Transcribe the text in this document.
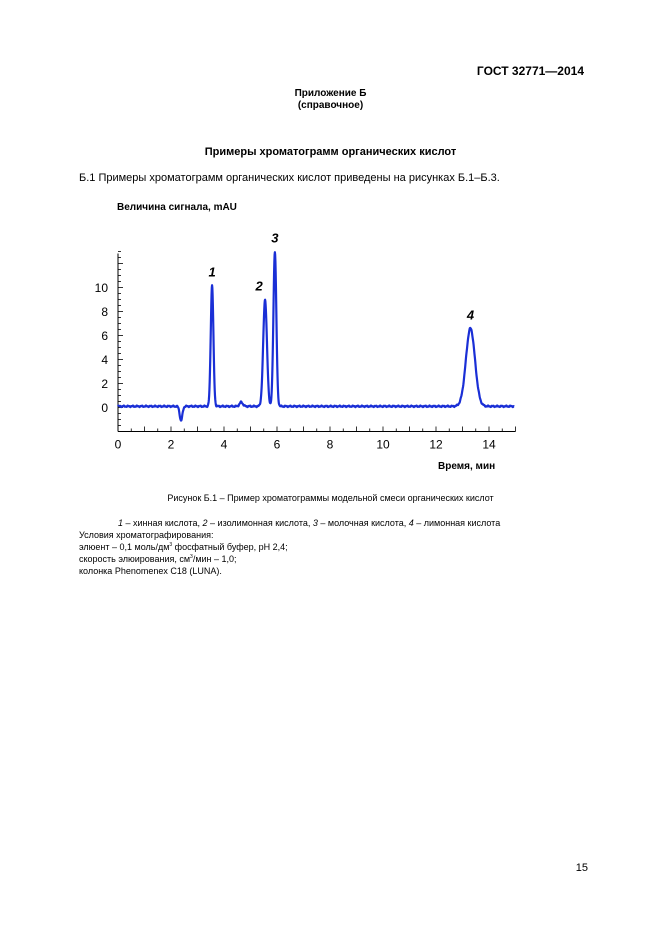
ГОСТ 32771—2014
Приложение Б
(справочное)
Примеры хроматограмм органических кислот
Б.1 Примеры хроматограмм органических кислот приведены на рисунках Б.1–Б.3.
Величина сигнала, mAU
Время, мин
0
2
4
6
8
10
0	2	4	6	8	10	12	14
1
2
3
4
Рисунок Б.1 – Пример хроматограммы модельной смеси органических кислот
1 – хинная кислота, 2 – изолимонная кислота, 3 – молочная кислота, 4 – лимонная кислота
Условия хроматографирования:
элюент – 0,1 моль/$дм^3$ фосфатный буфер, pH 2,4;
скорость элюирования, $см^3$/мин – 1,0;
колонка Phenomenex C18 (LUNA).
15
